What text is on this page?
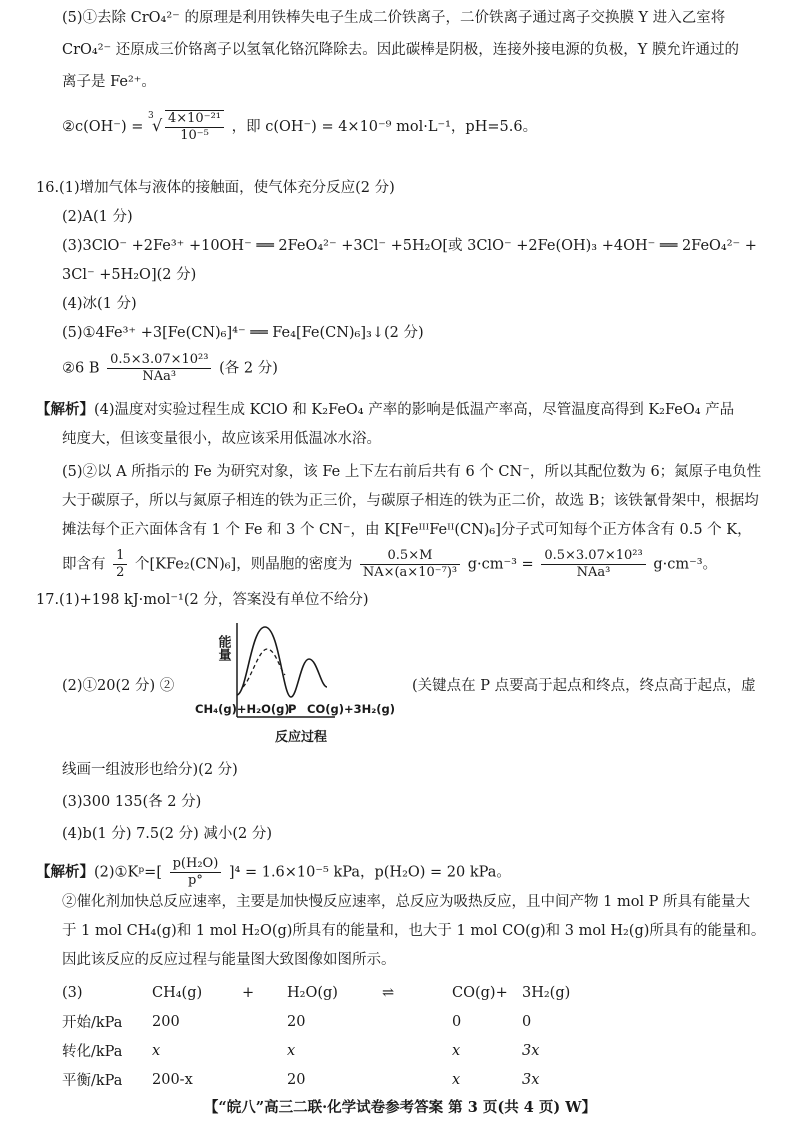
(5)①去除 CrO₄²⁻ 的原理是利用铁棒失电子生成二价铁离子，二价铁离子通过离子交换膜 Y 进入乙室将
CrO₄²⁻ 还原成三价铬离子以氢氧化铬沉降除去。因此碳棒是阴极，连接外接电源的负极，Y 膜允许通过的
离子是 Fe²⁺。
②c(OH⁻) =
3
√ $\frac{\text{4×10⁻²¹}}{\text{10⁻⁵}}$ ，即 c(OH⁻) = 4×10⁻⁹ mol·L⁻¹，pH=5.6。
16.(1)增加气体与液体的接触面，使气体充分反应(2 分)
(2)A(1 分)
(3)3ClO⁻ +2Fe³⁺ +10OH⁻ ══ 2FeO₄²⁻ +3Cl⁻ +5H₂O[或 3ClO⁻ +2Fe(OH)₃ +4OH⁻ ══ 2FeO₄²⁻ +
3Cl⁻ +5H₂O](2 分)
(4)冰(1 分)
(5)①4Fe³⁺ +3[Fe(CN)₆]⁴⁻ ══ Fe₄[Fe(CN)₆]₃↓(2 分)
②6 B $\frac{\text{0.5×3.07×10²³}}{\text{NAa³}}$ (各 2 分)
【解析】(4)温度对实验过程生成 KClO 和 K₂FeO₄ 产率的影响是低温产率高，尽管温度高得到 K₂FeO₄ 产品
纯度大，但该变量很小，故应该采用低温冰水浴。
(5)②以 A 所指示的 Fe 为研究对象，该 Fe 上下左右前后共有 6 个 CN⁻，所以其配位数为 6；氮原子电负性
大于碳原子，所以与氮原子相连的铁为正三价，与碳原子相连的铁为正二价，故选 B；该铁氰骨架中，根据均
摊法每个正六面体含有 1 个 Fe 和 3 个 CN⁻，由 K[FeᴵᴵᴵFeᴵᴵ(CN)₆]分子式可知每个正方体含有 0.5 个 K，
即含有 $\frac{1}{2}$ 个[KFe₂(CN)₆]，则晶胞的密度为 $\frac{0.5\times M}{\text{NA×(a×10⁻⁷)³}} g\cdot cm^{-3} = \frac{\text{0.5×3.07×10²³}}{\text{NAa³}} g\cdot cm^{-3}$。
17.(1)+198 kJ·mol⁻¹(2 分，答案没有单位不给分)
(2)①20(2 分) ②
能量
CH₄(g)+H₂O(g)
P CO(g)+3H₂(g)
反应过程
(关键点在 P 点要高于起点和终点，终点高于起点，虚
线画一组波形也给分)(2 分)
(3)300 135(各 2 分)
(4)b(1 分) 7.5(2 分) 减小(2 分)
【解析】(2)①Kᵖ=[ $\frac{\text{p(H₂O)}}{p^\circ} ]^4 = 1.6\times 10^{-5}$ kPa，p(H₂O) = 20 kPa。
②催化剂加快总反应速率，主要是加快慢反应速率，总反应为吸热反应，且中间产物 1 mol P 所具有能量大
于 1 mol CH₄(g)和 1 mol H₂O(g)所具有的能量和，也大于 1 mol CO(g)和 3 mol H₂(g)所具有的能量和。
因此该反应的反应过程与能量图大致图像如图所示。
(3)	CH₄(g)	+	H₂O(g)	⇌	CO(g)+	3H₂(g)
开始/kPa	200		20		0	0
转化/kPa	x		x		x	3x
平衡/kPa	200-x		20		x	3x
【“皖八”高三二联·化学试卷参考答案 第 3 页(共 4 页) W】
